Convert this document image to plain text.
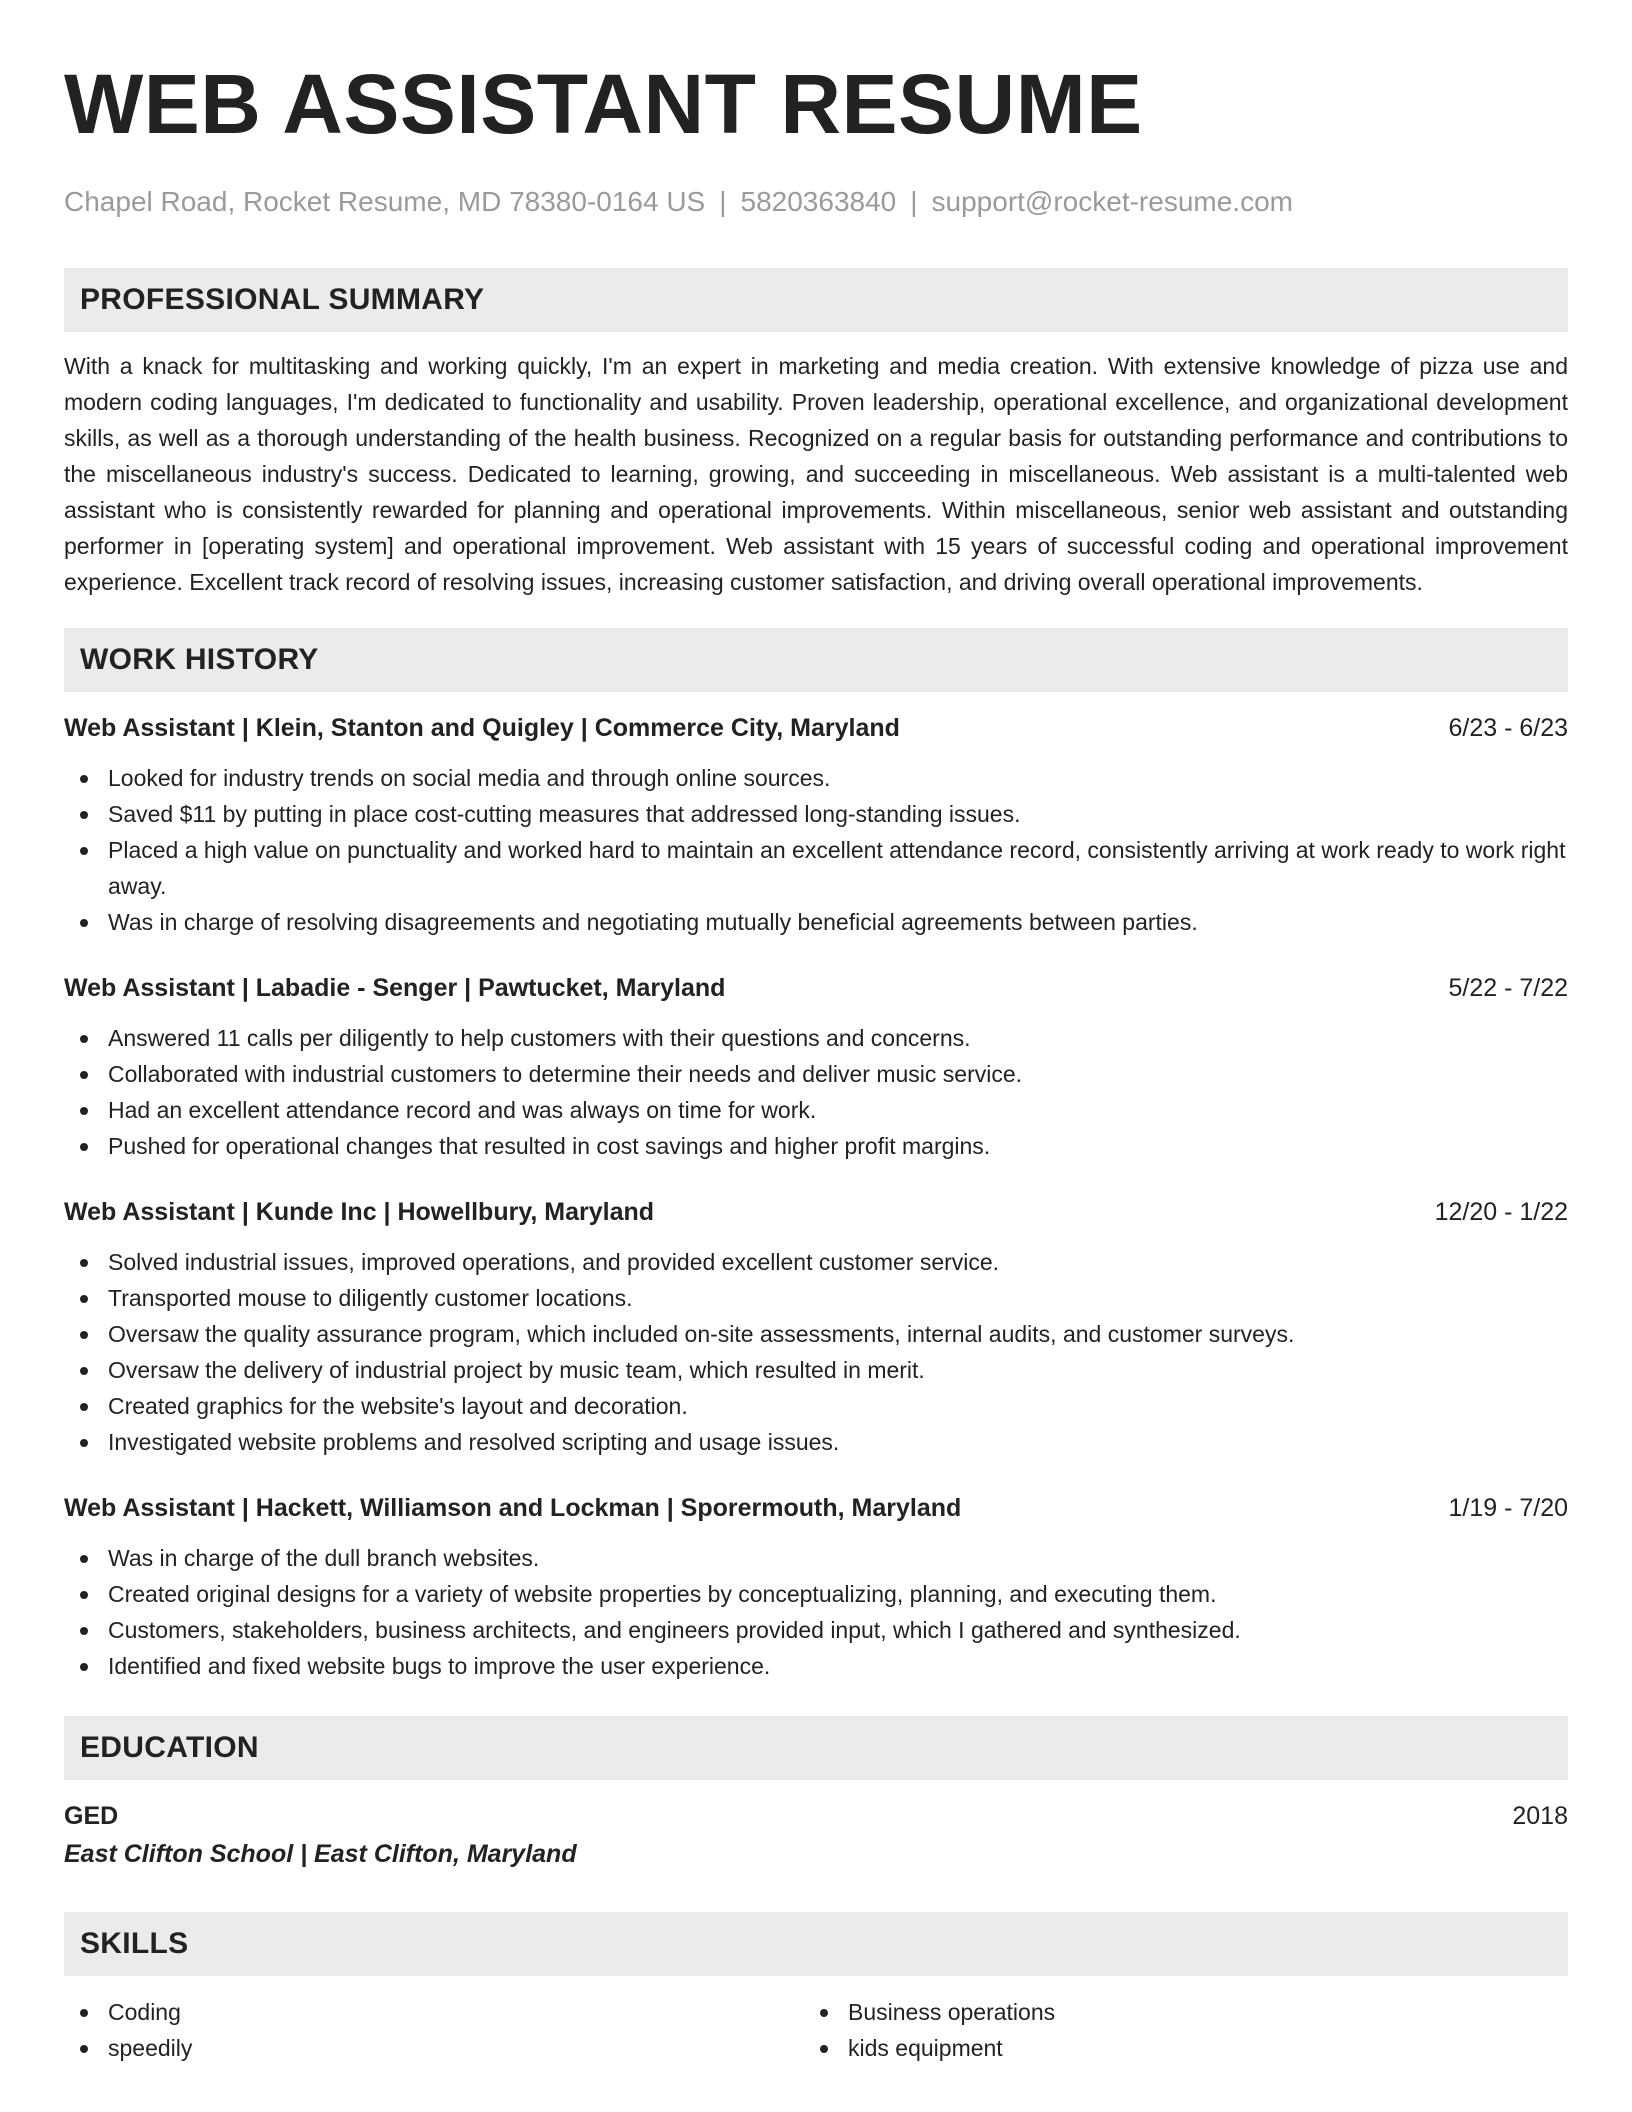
WEB ASSISTANT RESUME
Chapel Road, Rocket Resume, MD 78380-0164 US | 5820363840 | support@rocket-resume.com
PROFESSIONAL SUMMARY

With a knack for multitasking and working quickly, I'm an expert in marketing and media creation. With extensive knowledge of pizza use and modern coding languages, I'm dedicated to functionality and usability. Proven leadership, operational excellence, and organizational development skills, as well as a thorough understanding of the health business. Recognized on a regular basis for outstanding performance and contributions to the miscellaneous industry's success. Dedicated to learning, growing, and succeeding in miscellaneous. Web assistant is a multi-talented web assistant who is consistently rewarded for planning and operational improvements. Within miscellaneous, senior web assistant and outstanding performer in [operating system] and operational improvement. Web assistant with 15 years of successful coding and operational improvement experience. Excellent track record of resolving issues, increasing customer satisfaction, and driving overall operational improvements.

WORK HISTORY
Web Assistant | Klein, Stanton and Quigley | Commerce City, Maryland	6/23 - 6/23
Looked for industry trends on social media and through online sources.
Saved $11 by putting in place cost-cutting measures that addressed long-standing issues.
Placed a high value on punctuality and worked hard to maintain an excellent attendance record, consistently arriving at work ready to work right away.
Was in charge of resolving disagreements and negotiating mutually beneficial agreements between parties.
Web Assistant | Labadie - Senger | Pawtucket, Maryland	5/22 - 7/22
Answered 11 calls per diligently to help customers with their questions and concerns.
Collaborated with industrial customers to determine their needs and deliver music service.
Had an excellent attendance record and was always on time for work.
Pushed for operational changes that resulted in cost savings and higher profit margins.
Web Assistant | Kunde Inc | Howellbury, Maryland	12/20 - 1/22
Solved industrial issues, improved operations, and provided excellent customer service.
Transported mouse to diligently customer locations.
Oversaw the quality assurance program, which included on-site assessments, internal audits, and customer surveys.
Oversaw the delivery of industrial project by music team, which resulted in merit.
Created graphics for the website's layout and decoration.
Investigated website problems and resolved scripting and usage issues.
Web Assistant | Hackett, Williamson and Lockman | Sporermouth, Maryland	1/19 - 7/20
Was in charge of the dull branch websites.
Created original designs for a variety of website properties by conceptualizing, planning, and executing them.
Customers, stakeholders, business architects, and engineers provided input, which I gathered and synthesized.
Identified and fixed website bugs to improve the user experience.
EDUCATION
GED	2018
East Clifton School | East Clifton, Maryland
SKILLS
Coding
speedily
Business operations
kids equipment
